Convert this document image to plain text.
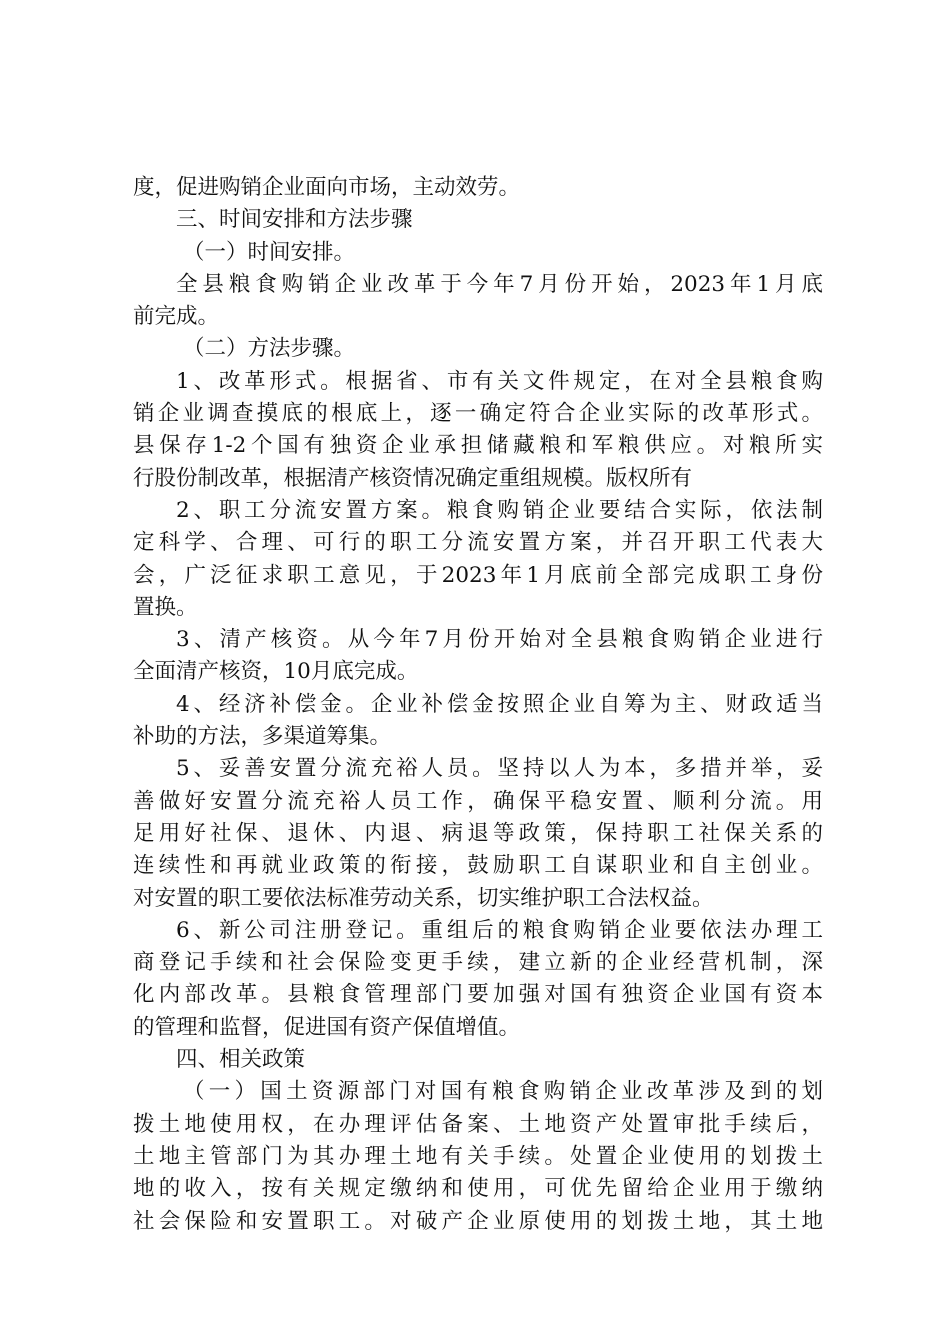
度，促进购销企业面向市场，主动效劳。
三、时间安排和方法步骤
（一）时间安排。
全县粮食购销企业改革于今年7月份开始，2023年1月底
前完成。
（二）方法步骤。
1、改革形式。根据省、市有关文件规定，在对全县粮食购
销企业调查摸底的根底上，逐一确定符合企业实际的改革形式。
县保存1-2个国有独资企业承担储藏粮和军粮供应。对粮所实
行股份制改革，根据清产核资情况确定重组规模。版权所有
2、职工分流安置方案。粮食购销企业要结合实际，依法制
定科学、合理、可行的职工分流安置方案，并召开职工代表大
会，广泛征求职工意见，于2023年1月底前全部完成职工身份
置换。
3、清产核资。从今年7月份开始对全县粮食购销企业进行
全面清产核资，10月底完成。
4、经济补偿金。企业补偿金按照企业自筹为主、财政适当
补助的方法，多渠道筹集。
5、妥善安置分流充裕人员。坚持以人为本，多措并举，妥
善做好安置分流充裕人员工作，确保平稳安置、顺利分流。用
足用好社保、退休、内退、病退等政策，保持职工社保关系的
连续性和再就业政策的衔接，鼓励职工自谋职业和自主创业。
对安置的职工要依法标准劳动关系，切实维护职工合法权益。
6、新公司注册登记。重组后的粮食购销企业要依法办理工
商登记手续和社会保险变更手续，建立新的企业经营机制，深
化内部改革。县粮食管理部门要加强对国有独资企业国有资本
的管理和监督，促进国有资产保值增值。
四、相关政策
（一）国土资源部门对国有粮食购销企业改革涉及到的划
拨土地使用权，在办理评估备案、土地资产处置审批手续后，
土地主管部门为其办理土地有关手续。处置企业使用的划拨土
地的收入，按有关规定缴纳和使用，可优先留给企业用于缴纳
社会保险和安置职工。对破产企业原使用的划拨土地，其土地
